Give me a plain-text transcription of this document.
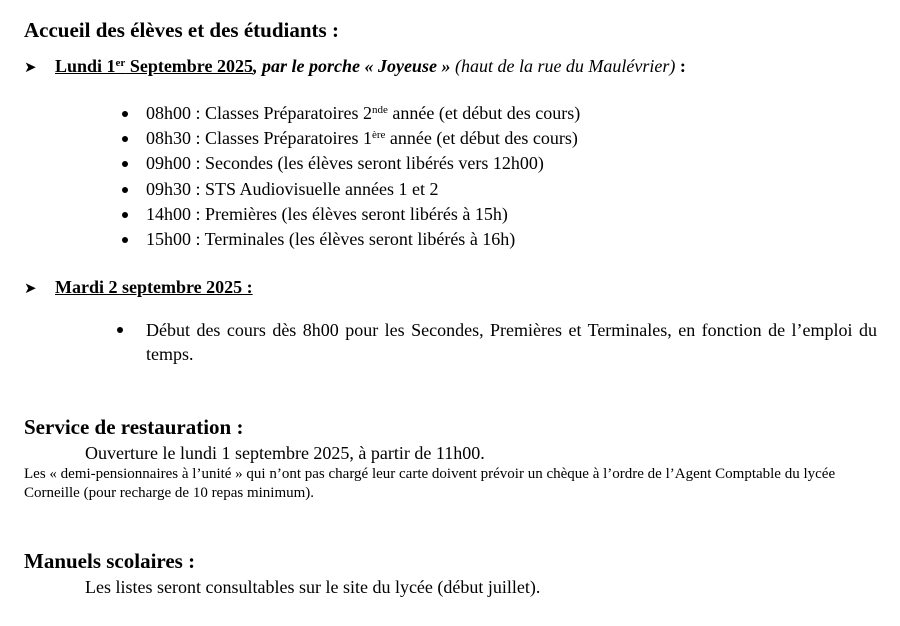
Accueil des élèves et des étudiants :
➤ Lundi 1er Septembre 2025, par le porche « Joyeuse » (haut de la rue du Maulévrier) :
08h00 : Classes Préparatoires 2nde année (et début des cours)
08h30 : Classes Préparatoires 1ère année (et début des cours)
09h00 : Secondes (les élèves seront libérés vers 12h00)
09h30 : STS Audiovisuelle années 1 et 2
14h00 : Premières (les élèves seront libérés à 15h)
15h00 : Terminales (les élèves seront libérés à 16h)
➤ Mardi 2 septembre 2025 :
Début des cours dès 8h00 pour les Secondes, Premières et Terminales, en fonction de l’emploi du temps.
Service de restauration :
Ouverture le lundi 1 septembre 2025, à partir de 11h00.
Les « demi-pensionnaires à l’unité » qui n’ont pas chargé leur carte doivent prévoir un chèque à l’ordre de l’Agent Comptable du lycée Corneille (pour recharge de 10 repas minimum).
Manuels scolaires :
Les listes seront consultables sur le site du lycée (début juillet).
